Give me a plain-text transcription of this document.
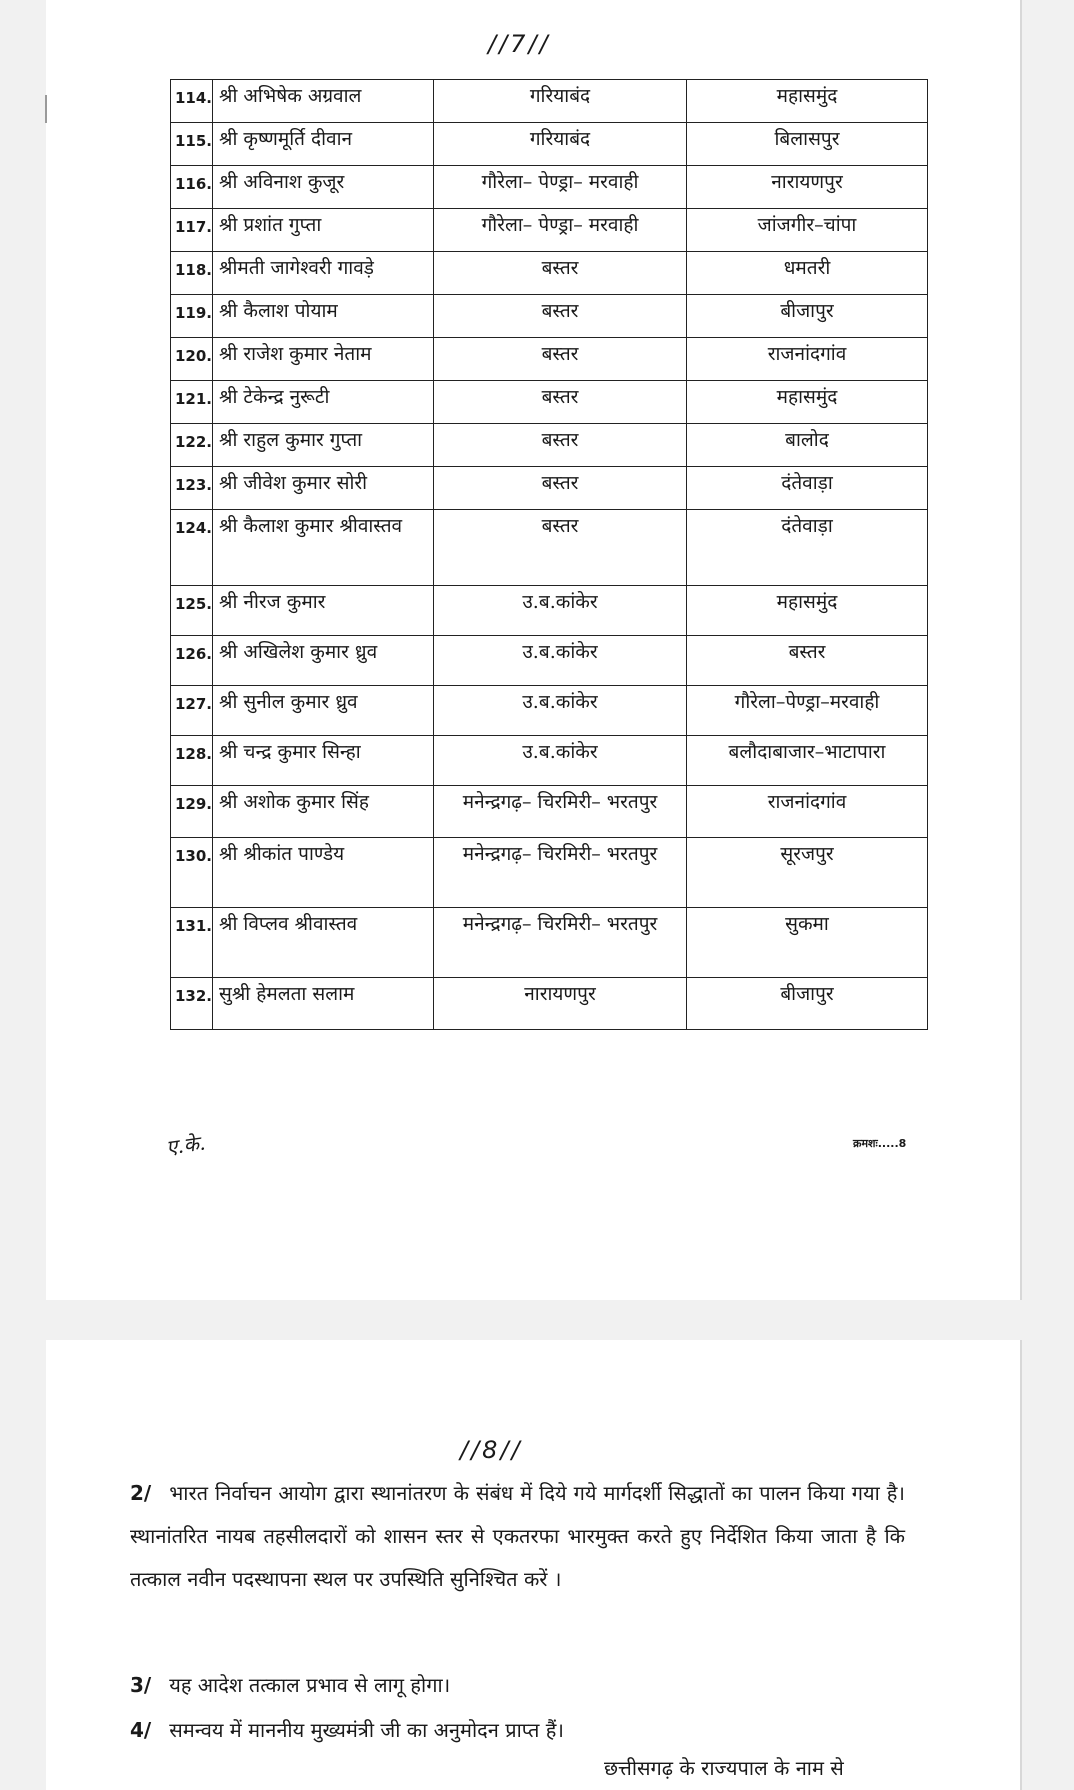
//7//
114.	श्री अभिषेक अग्रवाल	गरियाबंद	महासमुंद
115.	श्री कृष्णमूर्ति दीवान	गरियाबंद	बिलासपुर
116.	श्री अविनाश कुजूर	गौरेला– पेण्ड्रा– मरवाही	नारायणपुर
117.	श्री प्रशांत गुप्ता	गौरेला– पेण्ड्रा– मरवाही	जांजगीर–चांपा
118.	श्रीमती जागेश्वरी गावड़े	बस्तर	धमतरी
119.	श्री कैलाश पोयाम	बस्तर	बीजापुर
120.	श्री राजेश कुमार नेताम	बस्तर	राजनांदगांव
121.	श्री टेकेन्द्र नुरूटी	बस्तर	महासमुंद
122.	श्री राहुल कुमार गुप्ता	बस्तर	बालोद
123.	श्री जीवेश कुमार सोरी	बस्तर	दंतेवाड़ा
124.	श्री कैलाश कुमार श्रीवास्तव	बस्तर	दंतेवाड़ा
125.	श्री नीरज कुमार	उ.ब.कांकेर	महासमुंद
126.	श्री अखिलेश कुमार ध्रुव	उ.ब.कांकेर	बस्तर
127.	श्री सुनील कुमार ध्रुव	उ.ब.कांकेर	गौरेला–पेण्ड्रा–मरवाही
128.	श्री चन्द्र कुमार सिन्हा	उ.ब.कांकेर	बलौदाबाजार–भाटापारा
129.	श्री अशोक कुमार सिंह	मनेन्द्रगढ़– चिरमिरी– भरतपुर	राजनांदगांव
130.	श्री श्रीकांत पाण्डेय	मनेन्द्रगढ़– चिरमिरी– भरतपुर	सूरजपुर
131.	श्री विप्लव श्रीवास्तव	मनेन्द्रगढ़– चिरमिरी– भरतपुर	सुकमा
132.	सुश्री हेमलता सलाम	नारायणपुर	बीजापुर
ए.के.	क्रमशः.....8
//8//
2/ भारत निर्वाचन आयोग द्वारा स्थानांतरण के संबंध में दिये गये मार्गदर्शी सिद्धातों का पालन किया गया है। स्थानांतरित नायब तहसीलदारों को शासन स्तर से एकतरफा भारमुक्त करते हुए निर्देशित किया जाता है कि तत्काल नवीन पदस्थापना स्थल पर उपस्थिति सुनिश्चित करें ।
3/ यह आदेश तत्काल प्रभाव से लागू होगा।
4/ समन्वय में माननीय मुख्यमंत्री जी का अनुमोदन प्राप्त हैं।
छत्तीसगढ़ के राज्यपाल के नाम से
